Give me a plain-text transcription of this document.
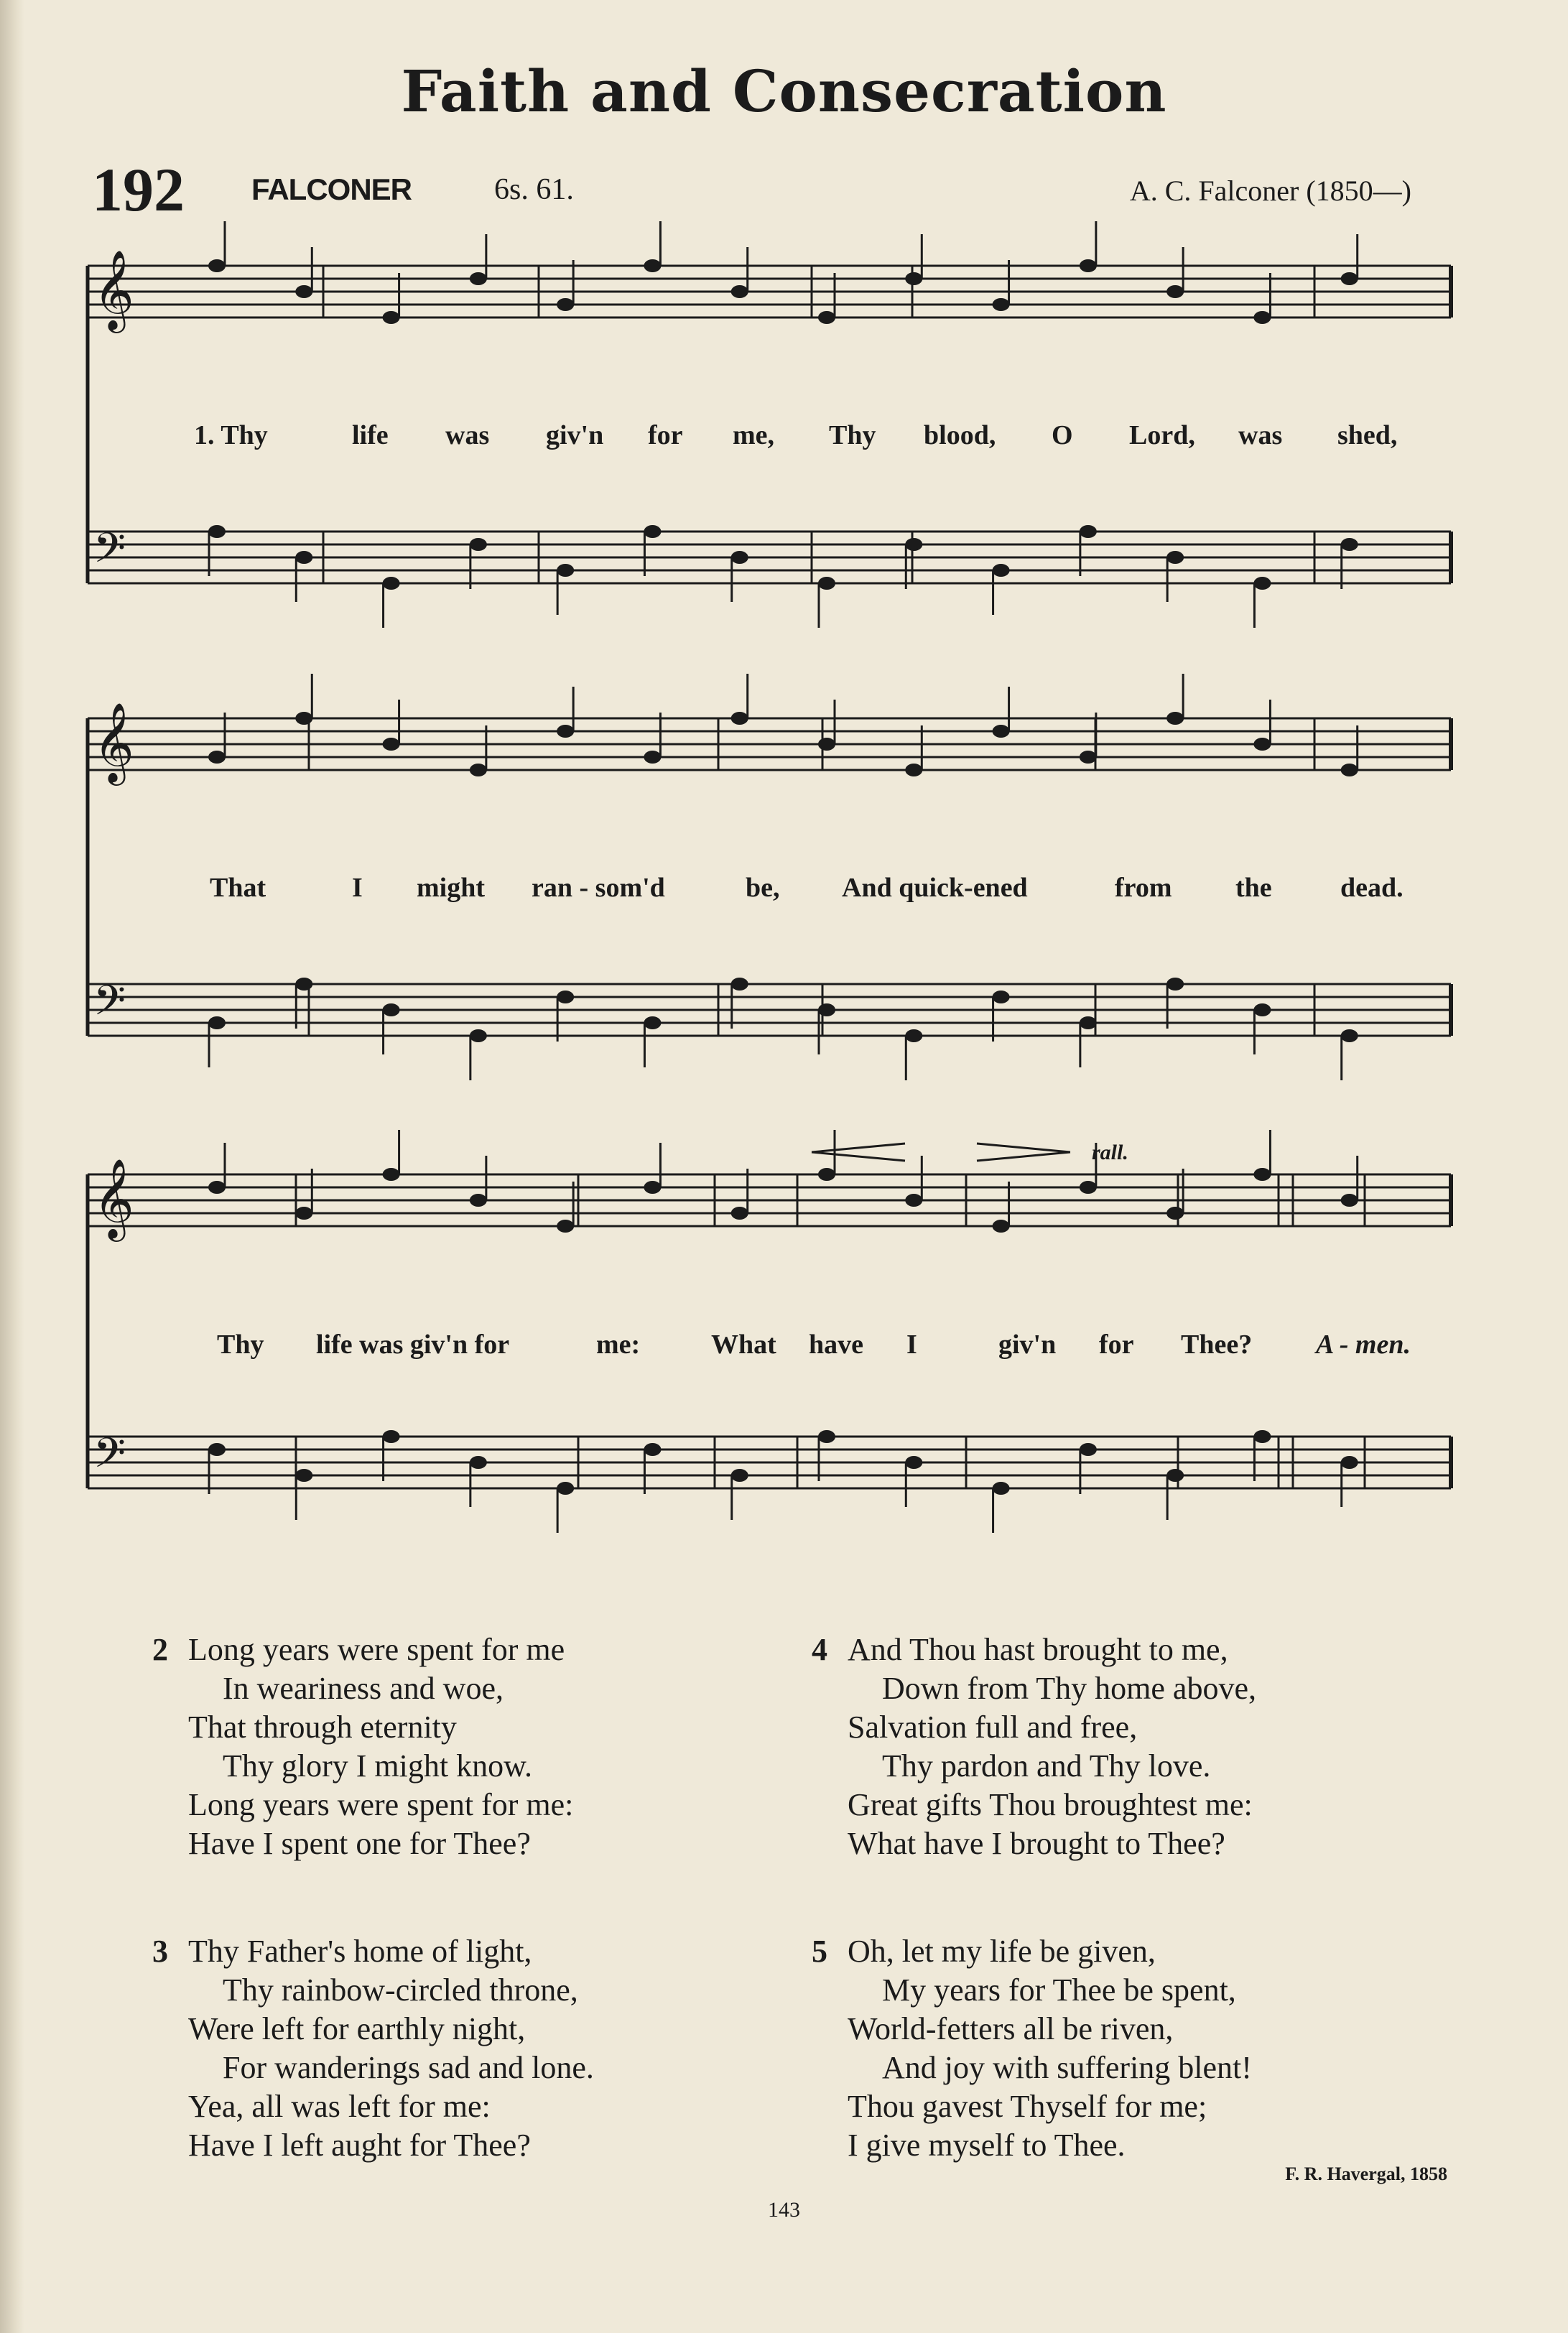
Faith and Consecration
192 FALCONER	6s. 61.	A. C. Falconer (1850—)
𝄞
𝄢
𝄞
𝄢
𝄞
𝄢
rall.
1. Thy	life was giv'n for me, Thy blood, O Lord, was shed,
That	I might ran - som'd	be, And quick-ened	from the	dead.
Thy life was giv'n for	me:	What have I	giv'n for Thee? A - men.
2 Long years were spent for me
In weariness and woe,
That through eternity
Thy glory I might know.
Long years were spent for me:
Have I spent one for Thee?
3 Thy Father's home of light,
Thy rainbow-circled throne,
Were left for earthly night,
For wanderings sad and lone.
Yea, all was left for me:
Have I left aught for Thee?
4 And Thou hast brought to me,
Down from Thy home above,
Salvation full and free,
Thy pardon and Thy love.
Great gifts Thou broughtest me:
What have I brought to Thee?
5 Oh, let my life be given,
My years for Thee be spent,
World-fetters all be riven,
And joy with suffering blent!
Thou gavest Thyself for me;
I give myself to Thee.
F. R. Havergal, 1858
143
